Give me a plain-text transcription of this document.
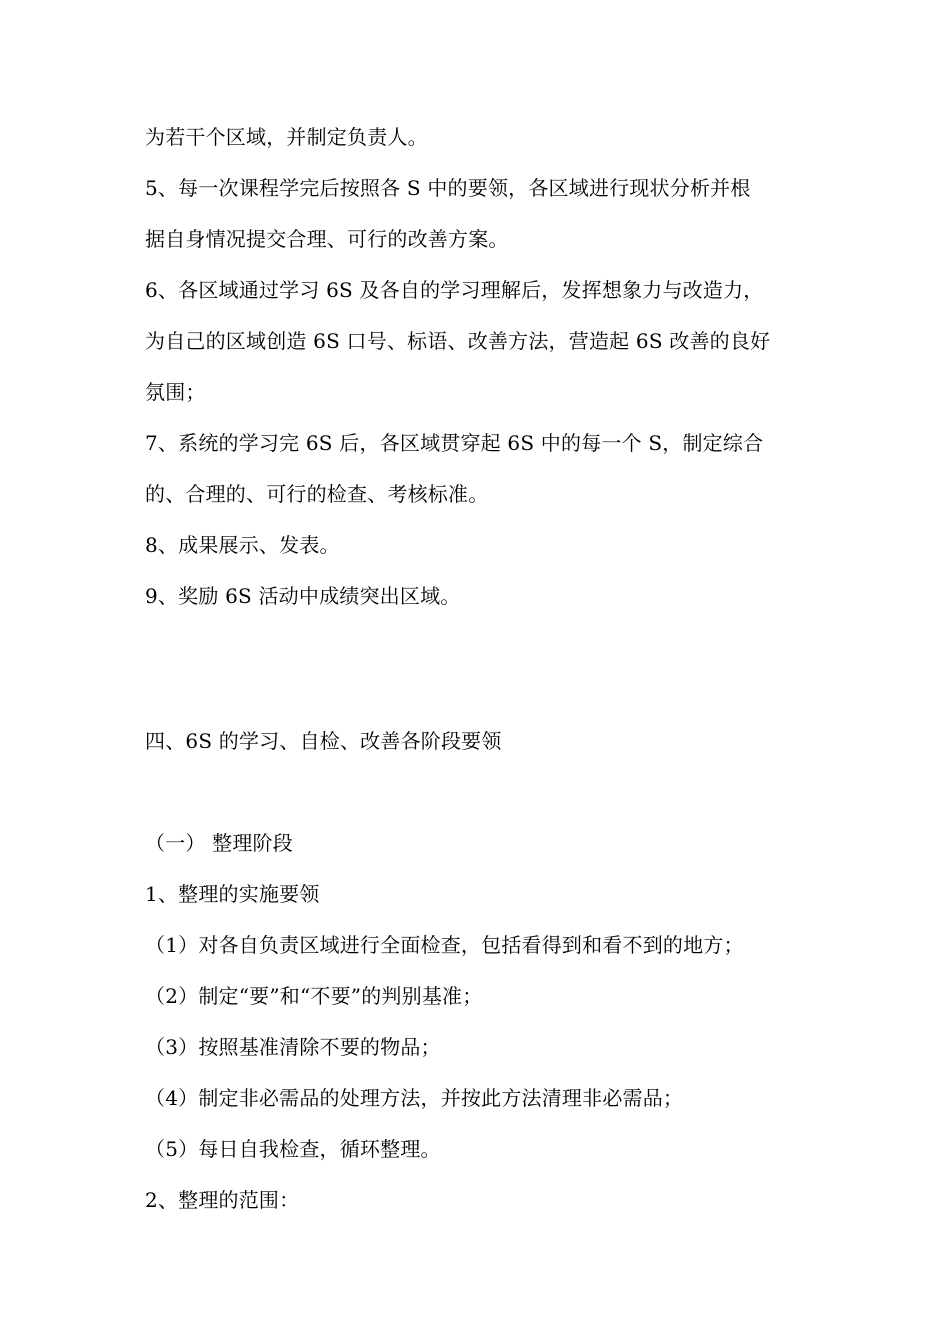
为若干个区域，并制定负责人。
5、每一次课程学完后按照各 S 中的要领，各区域进行现状分析并根
据自身情况提交合理、可行的改善方案。
6、各区域通过学习 6S 及各自的学习理解后，发挥想象力与改造力，
为自己的区域创造 6S 口号、标语、改善方法，营造起 6S 改善的良好
氛围；
7、系统的学习完 6S 后，各区域贯穿起 6S 中的每一个 S，制定综合
的、合理的、可行的检查、考核标准。
8、成果展示、发表。
9、奖励 6S 活动中成绩突出区域。
四、6S 的学习、自检、改善各阶段要领
（一） 整理阶段
1、整理的实施要领
（1）对各自负责区域进行全面检查，包括看得到和看不到的地方；
（2）制定“要”和“不要”的判别基准；
（3）按照基准清除不要的物品；
（4）制定非必需品的处理方法，并按此方法清理非必需品；
（5）每日自我检查，循环整理。
2、整理的范围：
